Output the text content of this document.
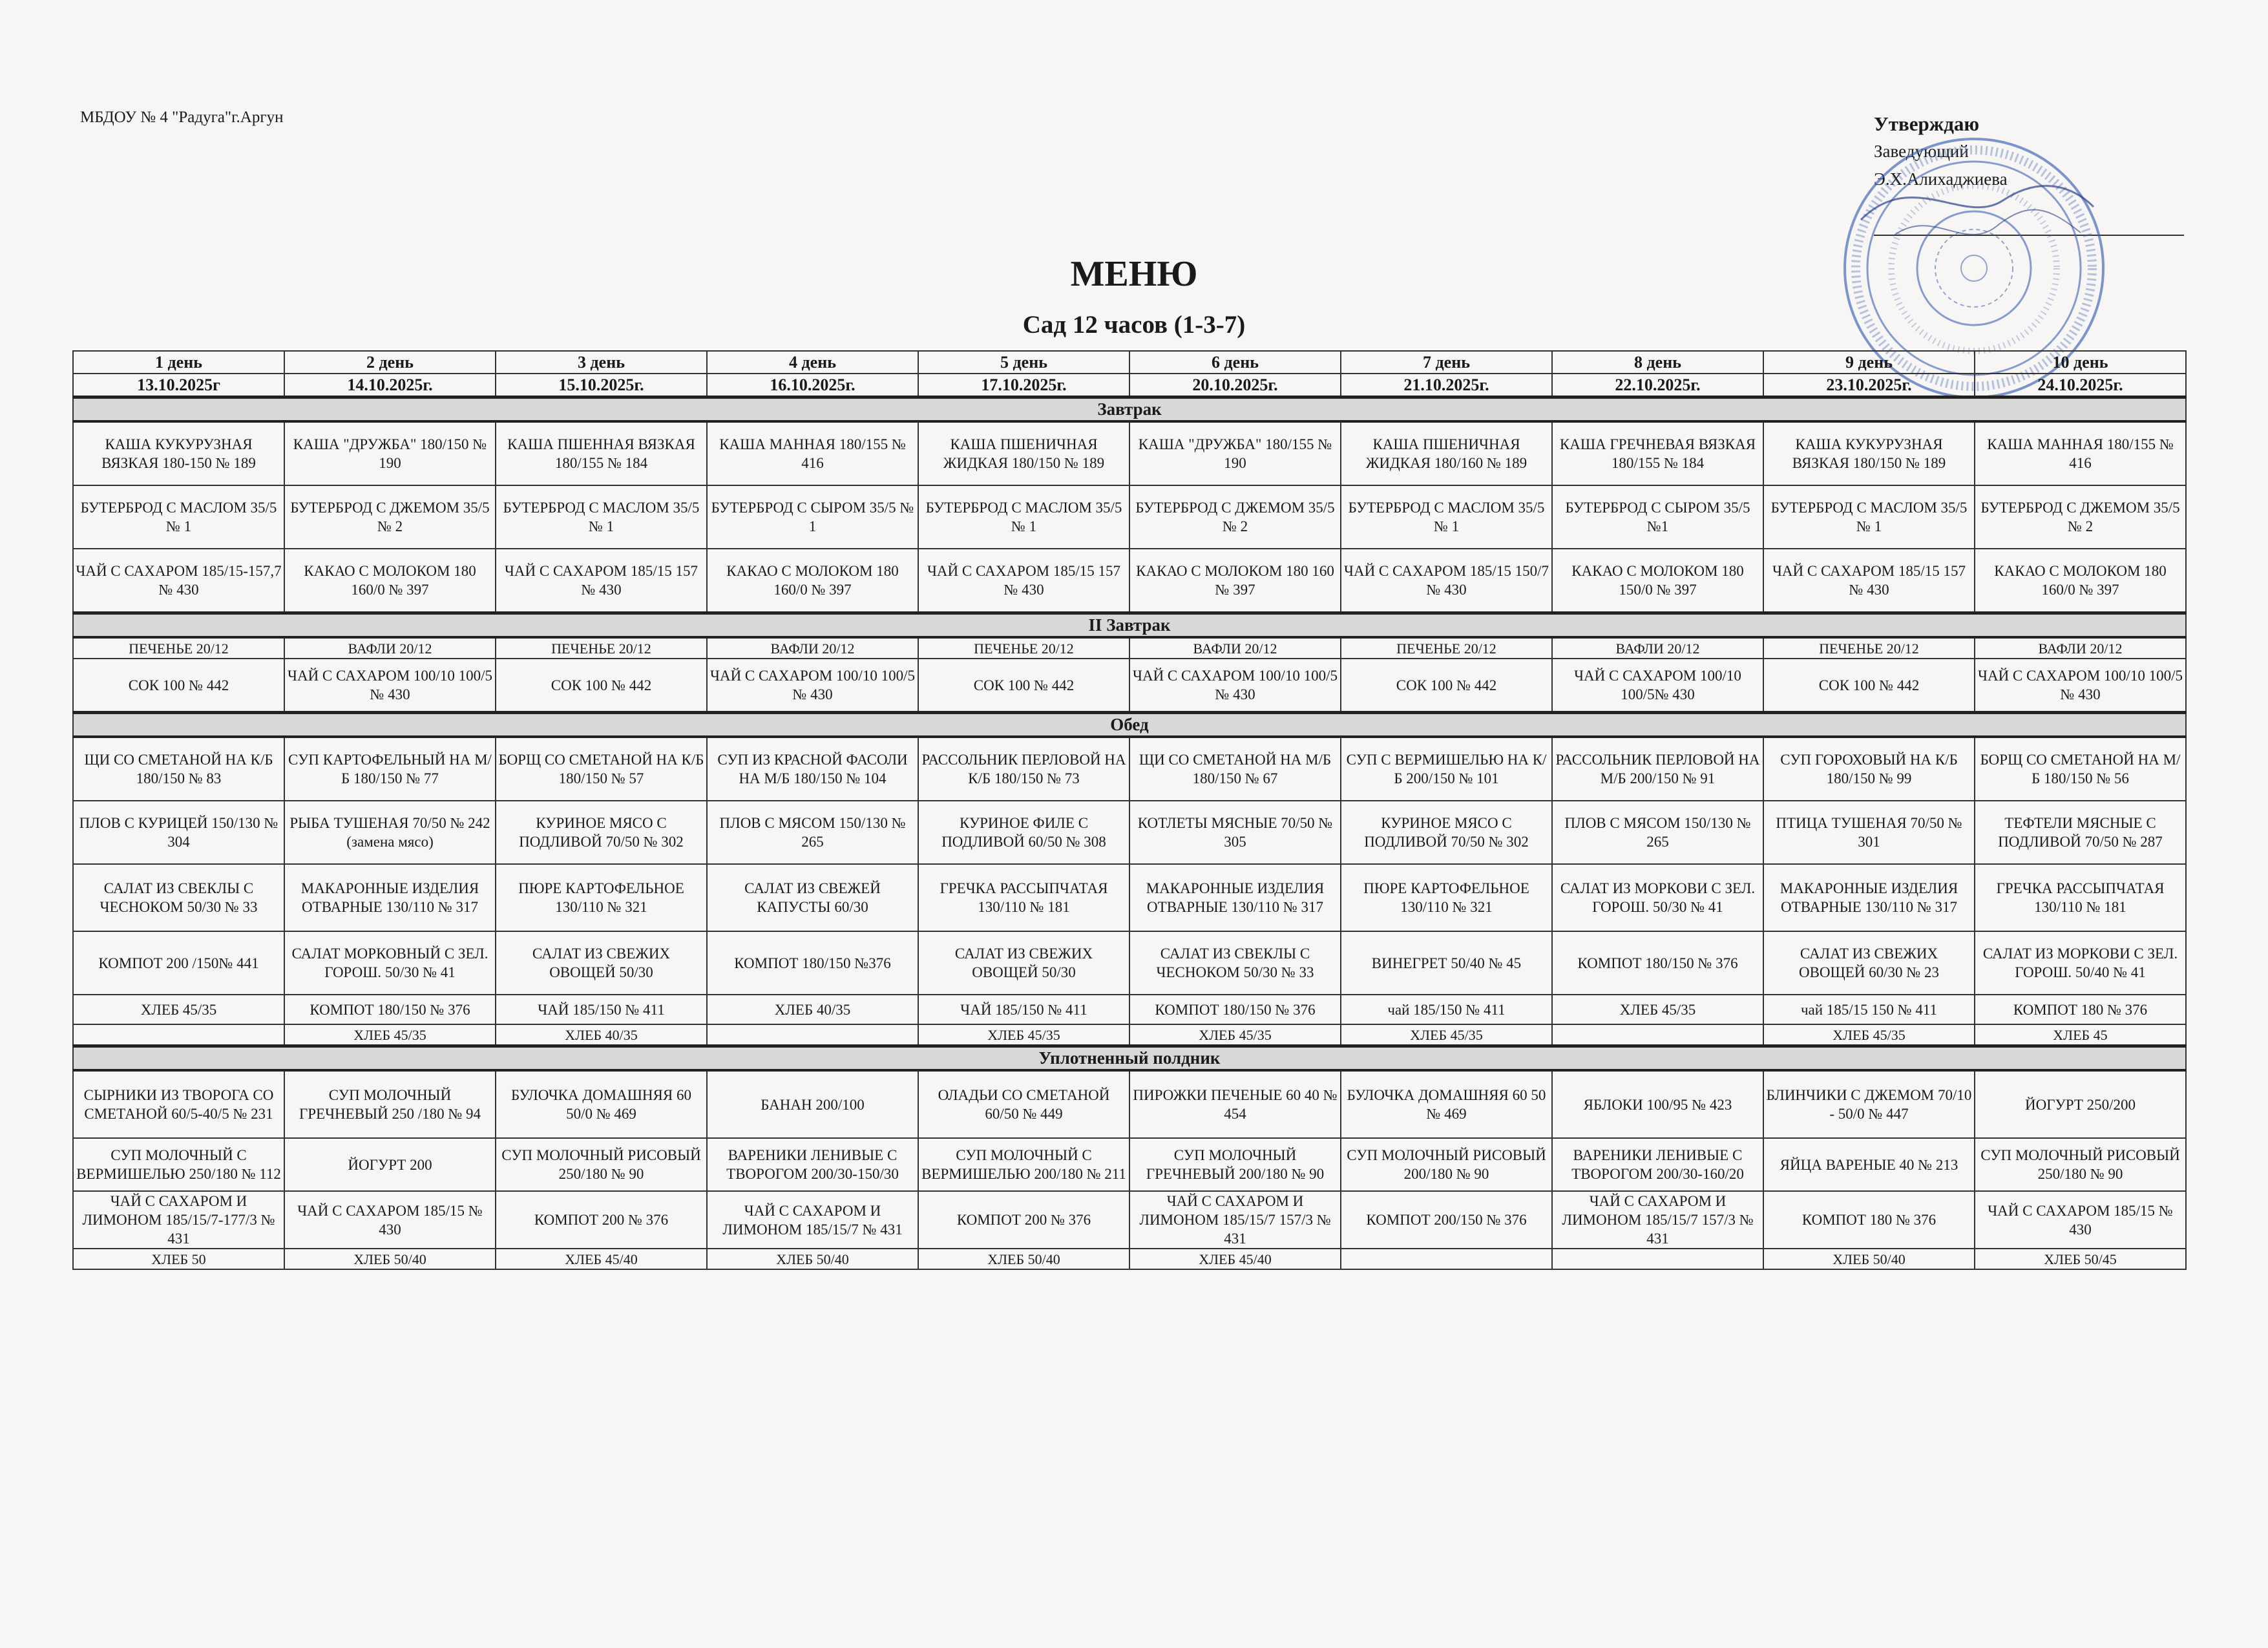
МБДОУ № 4 "Радуга"г.Аргун	Утверждаю
Заведующий
Э.Х.Алихаджиева
МЕНЮ
Сад 12 часов (1-3-7)
1 день	2 день	3 день	4 день	5 день	6 день	7 день	8 день	9 день	10 день
13.10.2025г	14.10.2025г.	15.10.2025г.	16.10.2025г.	17.10.2025г.	20.10.2025г.	21.10.2025г.	22.10.2025г.	23.10.2025г.	24.10.2025г.
Завтрак									
КАША КУКУРУЗНАЯ ВЯЗКАЯ 180-150 № 189	КАША "ДРУЖБА" 180/150 № 190	КАША ПШЕННАЯ ВЯЗКАЯ 180/155 № 184	КАША МАННАЯ 180/155 № 416	КАША ПШЕНИЧНАЯ ЖИДКАЯ 180/150 № 189	КАША "ДРУЖБА" 180/155 № 190	КАША ПШЕНИЧНАЯ ЖИДКАЯ 180/160 № 189	КАША ГРЕЧНЕВАЯ ВЯЗКАЯ 180/155 № 184	КАША КУКУРУЗНАЯ ВЯЗКАЯ 180/150 № 189	КАША МАННАЯ 180/155 № 416
БУТЕРБРОД С МАСЛОМ 35/5 № 1	БУТЕРБРОД С ДЖЕМОМ 35/5 № 2	БУТЕРБРОД С МАСЛОМ 35/5 № 1	БУТЕРБРОД С СЫРОМ 35/5 № 1	БУТЕРБРОД С МАСЛОМ 35/5 № 1	БУТЕРБРОД С ДЖЕМОМ 35/5 № 2	БУТЕРБРОД С МАСЛОМ 35/5 № 1	БУТЕРБРОД С СЫРОМ 35/5 №1	БУТЕРБРОД С МАСЛОМ 35/5 № 1	БУТЕРБРОД С ДЖЕМОМ 35/5 № 2
ЧАЙ С САХАРОМ 185/15-157,7 № 430	КАКАО С МОЛОКОМ 180 160/0 № 397	ЧАЙ С САХАРОМ 185/15 157 № 430	КАКАО С МОЛОКОМ 180 160/0 № 397	ЧАЙ С САХАРОМ 185/15 157 № 430	КАКАО С МОЛОКОМ 180 160 № 397	ЧАЙ С САХАРОМ 185/15 150/7 № 430	КАКАО С МОЛОКОМ 180 150/0 № 397	ЧАЙ С САХАРОМ 185/15 157 № 430	КАКАО С МОЛОКОМ 180 160/0 № 397
II Завтрак									
ПЕЧЕНЬЕ 20/12	ВАФЛИ 20/12	ПЕЧЕНЬЕ 20/12	ВАФЛИ 20/12	ПЕЧЕНЬЕ 20/12	ВАФЛИ 20/12	ПЕЧЕНЬЕ 20/12	ВАФЛИ 20/12	ПЕЧЕНЬЕ 20/12	ВАФЛИ 20/12
СОК 100 № 442	ЧАЙ С САХАРОМ 100/10 100/5 № 430	СОК 100 № 442	ЧАЙ С САХАРОМ 100/10 100/5 № 430	СОК 100 № 442	ЧАЙ С САХАРОМ 100/10 100/5 № 430	СОК 100 № 442	ЧАЙ С САХАРОМ 100/10 100/5№ 430	СОК 100 № 442	ЧАЙ С САХАРОМ 100/10 100/5 № 430
Обед									
ЩИ СО СМЕТАНОЙ НА К/Б 180/150 № 83	СУП КАРТОФЕЛЬНЫЙ НА М/Б 180/150 № 77	БОРЩ СО СМЕТАНОЙ НА К/Б 180/150 № 57	СУП ИЗ КРАСНОЙ ФАСОЛИ НА М/Б 180/150 № 104	РАССОЛЬНИК ПЕРЛОВОЙ НА К/Б 180/150 № 73	ЩИ СО СМЕТАНОЙ НА М/Б 180/150 № 67	СУП С ВЕРМИШЕЛЬЮ НА К/Б 200/150 № 101	РАССОЛЬНИК ПЕРЛОВОЙ НА М/Б 200/150 № 91	СУП ГОРОХОВЫЙ НА К/Б 180/150 № 99	БОРЩ СО СМЕТАНОЙ НА М/Б 180/150 № 56
ПЛОВ С КУРИЦЕЙ 150/130 № 304	РЫБА ТУШЕНАЯ 70/50 № 242 (замена мясо)	КУРИНОЕ МЯСО С ПОДЛИВОЙ 70/50 № 302	ПЛОВ С МЯСОМ 150/130 № 265	КУРИНОЕ ФИЛЕ С ПОДЛИВОЙ 60/50 № 308	КОТЛЕТЫ МЯСНЫЕ 70/50 № 305	КУРИНОЕ МЯСО С ПОДЛИВОЙ 70/50 № 302	ПЛОВ С МЯСОМ 150/130 № 265	ПТИЦА ТУШЕНАЯ 70/50 № 301	ТЕФТЕЛИ МЯСНЫЕ С ПОДЛИВОЙ 70/50 № 287
САЛАТ ИЗ СВЕКЛЫ С ЧЕСНОКОМ 50/30 № 33	МАКАРОННЫЕ ИЗДЕЛИЯ ОТВАРНЫЕ 130/110 № 317	ПЮРЕ КАРТОФЕЛЬНОЕ 130/110 № 321	САЛАТ ИЗ СВЕЖЕЙ КАПУСТЫ 60/30	ГРЕЧКА РАССЫПЧАТАЯ 130/110 № 181	МАКАРОННЫЕ ИЗДЕЛИЯ ОТВАРНЫЕ 130/110 № 317	ПЮРЕ КАРТОФЕЛЬНОЕ 130/110 № 321	САЛАТ ИЗ МОРКОВИ С ЗЕЛ. ГОРОШ. 50/30 № 41	МАКАРОННЫЕ ИЗДЕЛИЯ ОТВАРНЫЕ 130/110 № 317	ГРЕЧКА РАССЫПЧАТАЯ 130/110 № 181
КОМПОТ 200 /150№ 441	САЛАТ МОРКОВНЫЙ С ЗЕЛ. ГОРОШ. 50/30 № 41	САЛАТ ИЗ СВЕЖИХ ОВОЩЕЙ 50/30	КОМПОТ 180/150 №376	САЛАТ ИЗ СВЕЖИХ ОВОЩЕЙ 50/30	САЛАТ ИЗ СВЕКЛЫ С ЧЕСНОКОМ 50/30 № 33	ВИНЕГРЕТ 50/40 № 45	КОМПОТ 180/150 № 376	САЛАТ ИЗ СВЕЖИХ ОВОЩЕЙ 60/30 № 23	САЛАТ ИЗ МОРКОВИ С ЗЕЛ. ГОРОШ. 50/40 № 41
ХЛЕБ 45/35	КОМПОТ 180/150 № 376	ЧАЙ 185/150 № 411	ХЛЕБ 40/35	ЧАЙ 185/150 № 411	КОМПОТ 180/150 № 376	чай 185/150 № 411	ХЛЕБ 45/35	чай 185/15 150 № 411	КОМПОТ 180 № 376
	ХЛЕБ 45/35	ХЛЕБ 40/35		ХЛЕБ 45/35	ХЛЕБ 45/35	ХЛЕБ 45/35		ХЛЕБ 45/35	ХЛЕБ 45
Уплотненный полдник									
СЫРНИКИ ИЗ ТВОРОГА СО СМЕТАНОЙ 60/5-40/5 № 231	СУП МОЛОЧНЫЙ ГРЕЧНЕВЫЙ 250 /180 № 94	БУЛОЧКА ДОМАШНЯЯ 60 50/0 № 469	БАНАН 200/100	ОЛАДЬИ СО СМЕТАНОЙ 60/50 № 449	ПИРОЖКИ ПЕЧЕНЫЕ 60 40 № 454	БУЛОЧКА ДОМАШНЯЯ 60 50 № 469	ЯБЛОКИ 100/95 № 423	БЛИНЧИКИ С ДЖЕМОМ 70/10 - 50/0 № 447	ЙОГУРТ 250/200
СУП МОЛОЧНЫЙ С ВЕРМИШЕЛЬЮ 250/180 № 112	ЙОГУРТ 200	СУП МОЛОЧНЫЙ РИСОВЫЙ 250/180 № 90	ВАРЕНИКИ ЛЕНИВЫЕ С ТВОРОГОМ 200/30-150/30	СУП МОЛОЧНЫЙ С ВЕРМИШЕЛЬЮ 200/180 № 211	СУП МОЛОЧНЫЙ ГРЕЧНЕВЫЙ 200/180 № 90	СУП МОЛОЧНЫЙ РИСОВЫЙ 200/180 № 90	ВАРЕНИКИ ЛЕНИВЫЕ С ТВОРОГОМ 200/30-160/20	ЯЙЦА ВАРЕНЫЕ 40 № 213	СУП МОЛОЧНЫЙ РИСОВЫЙ 250/180 № 90
ЧАЙ С САХАРОМ И ЛИМОНОМ 185/15/7-177/3 № 431	ЧАЙ С САХАРОМ 185/15 № 430	КОМПОТ 200 № 376	ЧАЙ С САХАРОМ И ЛИМОНОМ 185/15/7 № 431	КОМПОТ 200 № 376	ЧАЙ С САХАРОМ И ЛИМОНОМ 185/15/7 157/3 № 431	КОМПОТ 200/150 № 376	ЧАЙ С САХАРОМ И ЛИМОНОМ 185/15/7 157/3 № 431	КОМПОТ 180 № 376	ЧАЙ С САХАРОМ 185/15 № 430
ХЛЕБ 50	ХЛЕБ 50/40	ХЛЕБ 45/40	ХЛЕБ 50/40	ХЛЕБ 50/40	ХЛЕБ 45/40			ХЛЕБ 50/40	ХЛЕБ 50/45
